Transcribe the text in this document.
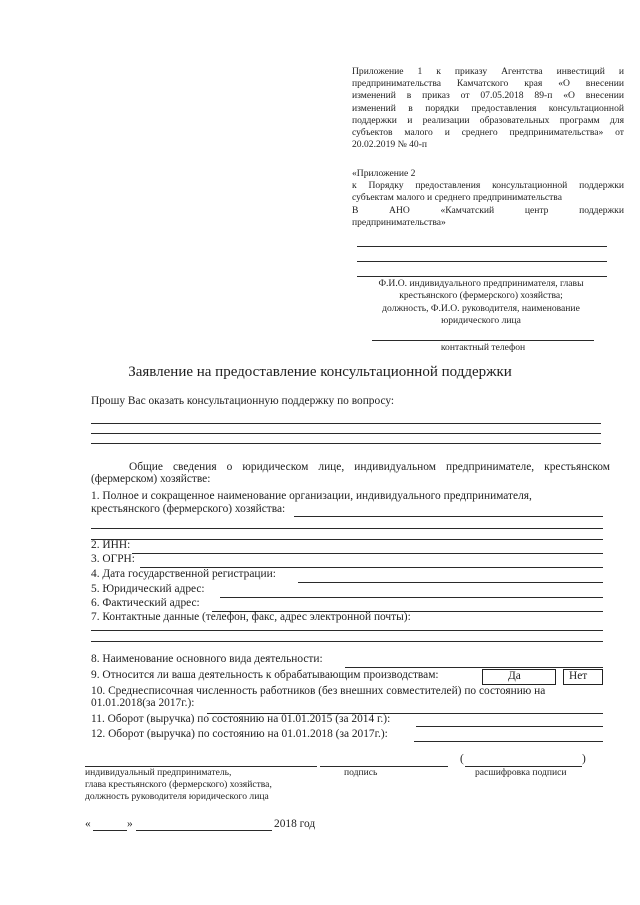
Приложение 1 к приказу Агентства инвестиций и
предпринимательства Камчатского края «О внесении
изменений в приказ от 07.05.2018 89-п «О внесении
изменений в порядки предоставления консультационной
поддержки и реализации образовательных программ для
субъектов малого и среднего предпринимательства» от
20.02.2019 № 40-п
«Приложение 2
к Порядку предоставления консультационной поддержки
субъектам малого и среднего предпринимательства
В	АНО	«Камчатский	центр	поддержки
предпринимательства»
Ф.И.О. индивидуального предпринимателя, главы
крестьянского (фермерского) хозяйства;
должность, Ф.И.О. руководителя, наименование
юридического лица
контактный телефон
Заявление на предоставление консультационной поддержки
Прошу Вас оказать консультационную поддержку по вопросу:
Общие сведения о юридическом лице, индивидуальном предпринимателе, крестьянском
(фермерском) хозяйстве:
1. Полное и сокращенное наименование организации, индивидуального предпринимателя,
крестьянского (фермерского) хозяйства:
2. ИНН:
3. ОГРН:
4. Дата государственной регистрации:
5. Юридический адрес:
6. Фактический адрес:
7. Контактные данные (телефон, факс, адрес электронной почты):
8. Наименование основного вида деятельности:
9. Относится ли ваша деятельность к обрабатывающим производствам:	Да	Нет
10. Среднесписочная численность работников (без внешних совместителей) по состоянию на
01.01.2018(за 2017г.):
11. Оборот (выручка) по состоянию на 01.01.2015 (за 2014 г.):
12. Оборот (выручка) по состоянию на 01.01.2018 (за 2017г.):
(	)
индивидуальный предприниматель,
глава крестьянского (фермерского) хозяйства,
должность руководителя юридического лица
подпись	расшифровка подписи
«	»	2018 год
